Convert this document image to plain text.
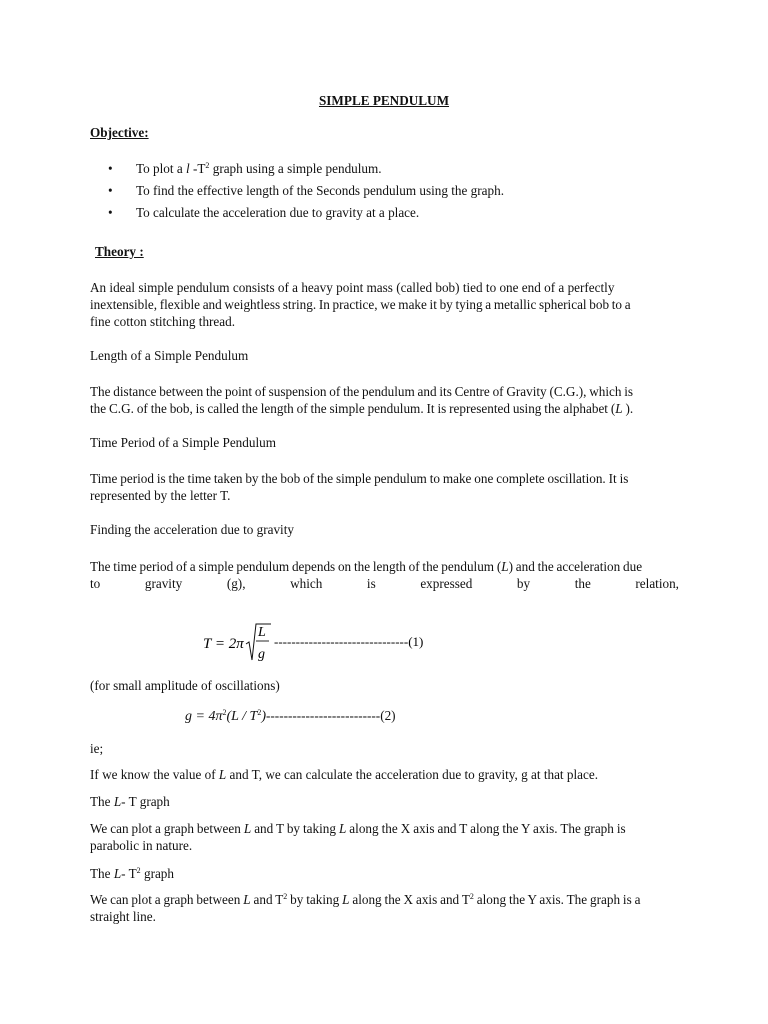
SIMPLE PENDULUM
Objective:
• To plot a l $-T^2$ graph using a simple pendulum.
• To find the effective length of the Seconds pendulum using the graph.
• To calculate the acceleration due to gravity at a place.
Theory :
An ideal simple pendulum consists of a heavy point mass (called bob) tied to one end of a perfectly
inextensible, flexible and weightless string. In practice, we make it by tying a metallic spherical bob to a
fine cotton stitching thread.
Length of a Simple Pendulum
The distance between the point of suspension of the pendulum and its Centre of Gravity (C.G.), which is
the C.G. of the bob, is called the length of the simple pendulum. It is represented using the alphabet (L ).
Time Period of a Simple Pendulum
Time period is the time taken by the bob of the simple pendulum to make one complete oscillation. It is
represented by the letter T.
Finding the acceleration due to gravity
The time period of a simple pendulum depends on the length of the pendulum (L) and the acceleration due
to	gravity	(g),	which	is	expressed	by	the	relation,
T = 2π
L
g
-------------------------------(1)
(for small amplitude of oscillations)
$g = 4\pi^2(L / T^2)--------------------------(2)$
ie;
If we know the value of L and T, we can calculate the acceleration due to gravity, g at that place.
The L- T graph
We can plot a graph between L and T by taking L along the X axis and T along the Y axis. The graph is
parabolic in nature.
The L- $T^2$ graph
We can plot a graph between L and $T^2$ by taking L along the X axis and $T^2$ along the Y axis. The graph is a
straight line.
